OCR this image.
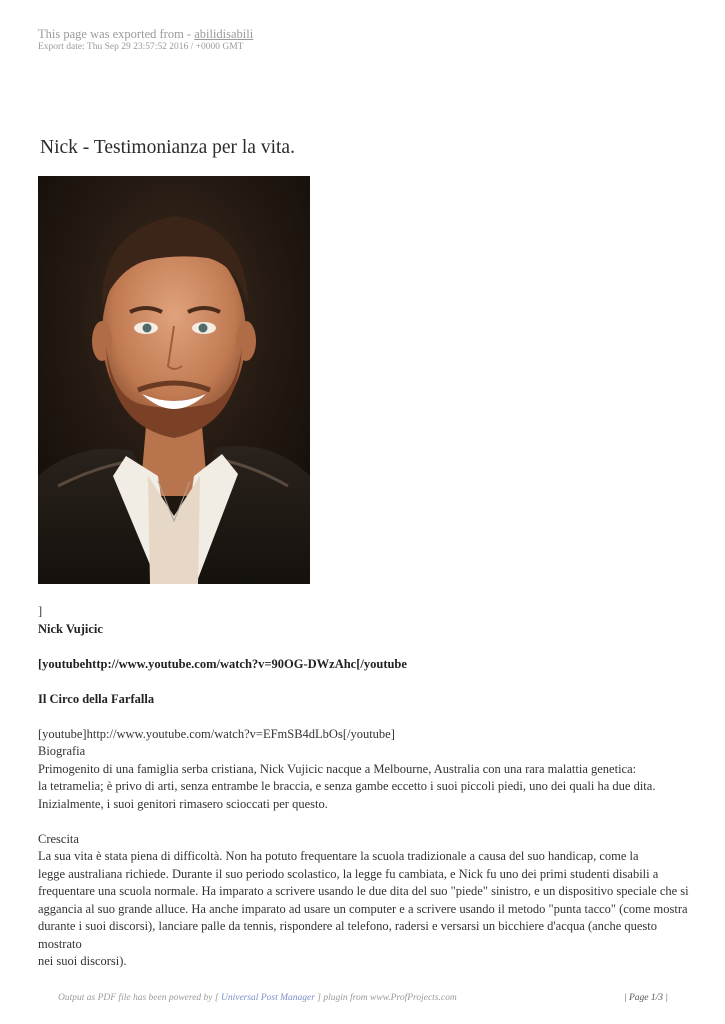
This page was exported from - abilidisabili
Export date: Thu Sep 29 23:57:52 2016 / +0000 GMT
Nick - Testimonianza per la vita.

]

Nick Vujicic

[youtubehttp://www.youtube.com/watch?v=90OG-DWzAhc[/youtube

Il Circo della Farfalla

[youtube]http://www.youtube.com/watch?v=EFmSB4dLbOs[/youtube]

Biografia

Primogenito di una famiglia serba cristiana, Nick Vujicic nacque a Melbourne, Australia con una rara malattia genetica:

la tetramelia; è privo di arti, senza entrambe le braccia, e senza gambe eccetto i suoi piccoli piedi, uno dei quali ha due dita.

Inizialmente, i suoi genitori rimasero scioccati per questo.

Crescita

La sua vita è stata piena di difficoltà. Non ha potuto frequentare la scuola tradizionale a causa del suo handicap, come la

legge australiana richiede. Durante il suo periodo scolastico, la legge fu cambiata, e Nick fu uno dei primi studenti disabili a

frequentare una scuola normale. Ha imparato a scrivere usando le due dita del suo "piede" sinistro, e un dispositivo speciale che si

aggancia al suo grande alluce. Ha anche imparato ad usare un computer e a scrivere usando il metodo "punta tacco" (come mostra

durante i suoi discorsi), lanciare palle da tennis, rispondere al telefono, radersi e versarsi un bicchiere d'acqua (anche questo mostrato

nei suoi discorsi).

Output as PDF file has been powered by [ Universal Post Manager ] plugin from www.ProfProjects.com	| Page 1/3 |
